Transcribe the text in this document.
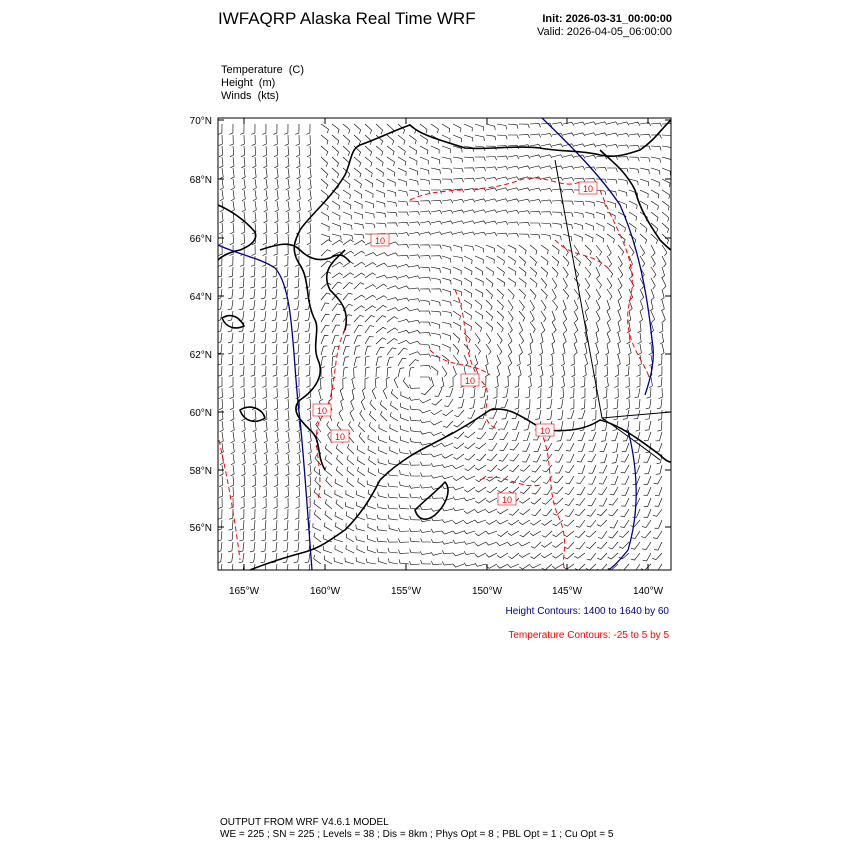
IWFAQRP Alaska Real Time WRF	Init: 2026-03-31_00:00:00
Valid: 2026-04-05_06:00:00
Temperature (C)
Height (m)
Winds (kts)
10
10
10
10
10
10
10
70°N
68°N
66°N
64°N
62°N
60°N
58°N
56°N
165°W	160°W	155°W	150°W	145°W	140°W
Height Contours: 1400 to 1640 by 60
Temperature Contours: -25 to 5 by 5
OUTPUT FROM WRF V4.6.1 MODEL
WE = 225 ; SN = 225 ; Levels = 38 ; Dis = 8km ; Phys Opt = 8 ; PBL Opt = 1 ; Cu Opt = 5
